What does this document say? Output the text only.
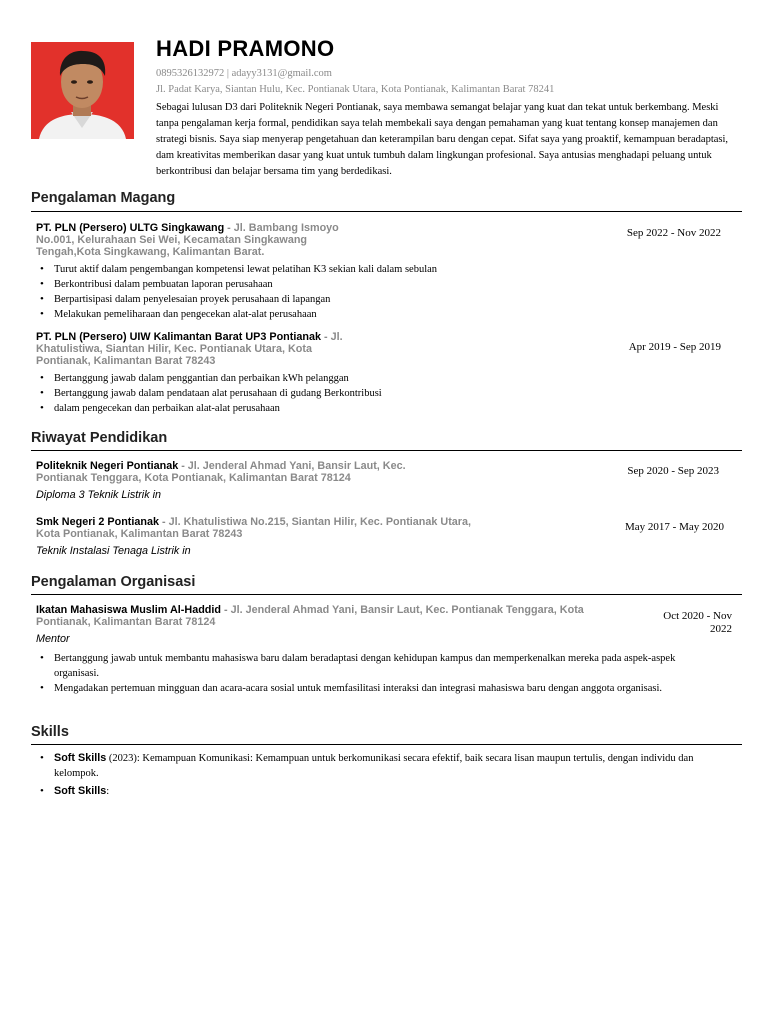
HADI PRAMONO
0895326132972 | adayy3131@gmail.com
Jl. Padat Karya, Siantan Hulu, Kec. Pontianak Utara, Kota Pontianak, Kalimantan Barat 78241
Sebagai lulusan D3 dari Politeknik Negeri Pontianak, saya membawa semangat belajar yang kuat dan tekat untuk berkembang. Meski tanpa pengalaman kerja formal, pendidikan saya telah membekali saya dengan pemahaman yang kuat tentang konsep manajemen dan strategi bisnis. Saya siap menyerap pengetahuan dan keterampilan baru dengan cepat. Sifat saya yang proaktif, kemampuan beradaptasi, dam kreativitas memberikan dasar yang kuat untuk tumbuh dalam lingkungan profesional. Saya antusias menghadapi peluang untuk berkontribusi dan belajar bersama tim yang berdedikasi.
Pengalaman Magang
PT. PLN (Persero) ULTG Singkawang - Jl. Bambang Ismoyo No.001, Kelurahaan Sei Wei, Kecamatan Singkawang Tengah,Kota Singkawang, Kalimantan Barat.
Sep 2022 - Nov 2022
• Turut aktif dalam pengembangan kompetensi lewat pelatihan K3 sekian kali dalam sebulan
• Berkontribusi dalam pembuatan laporan perusahaan
• Berpartisipasi dalam penyelesaian proyek perusahaan di lapangan
• Melakukan pemeliharaan dan pengecekan alat-alat perusahaan
PT. PLN (Persero) UIW Kalimantan Barat UP3 Pontianak - Jl. Khatulistiwa, Siantan Hilir, Kec. Pontianak Utara, Kota Pontianak, Kalimantan Barat 78243
Apr 2019 - Sep 2019
• Bertanggung jawab dalam penggantian dan perbaikan kWh pelanggan
• Bertanggung jawab dalam pendataan alat perusahaan di gudang Berkontribusi
• dalam pengecekan dan perbaikan alat-alat perusahaan
Riwayat Pendidikan
Politeknik Negeri Pontianak - Jl. Jenderal Ahmad Yani, Bansir Laut, Kec. Pontianak Tenggara, Kota Pontianak, Kalimantan Barat 78124
Sep 2020 - Sep 2023
Diploma 3 Teknik Listrik in
Smk Negeri 2 Pontianak - Jl. Khatulistiwa No.215, Siantan Hilir, Kec. Pontianak Utara, Kota Pontianak, Kalimantan Barat 78243
May 2017 - May 2020
Teknik Instalasi Tenaga Listrik in
Pengalaman Organisasi
Ikatan Mahasiswa Muslim Al-Haddid - Jl. Jenderal Ahmad Yani, Bansir Laut, Kec. Pontianak Tenggara, Kota Pontianak, Kalimantan Barat 78124	Oct 2020 - Nov 2022
Mentor
• Bertanggung jawab untuk membantu mahasiswa baru dalam beradaptasi dengan kehidupan kampus dan memperkenalkan mereka pada aspek-aspek organisasi.
• Mengadakan pertemuan mingguan dan acara-acara sosial untuk memfasilitasi interaksi dan integrasi mahasiswa baru dengan anggota organisasi.
Skills
• Soft Skills (2023): Kemampuan Komunikasi: Kemampuan untuk berkomunikasi secara efektif, baik secara lisan maupun tertulis, dengan individu dan kelompok.
• Soft Skills:
